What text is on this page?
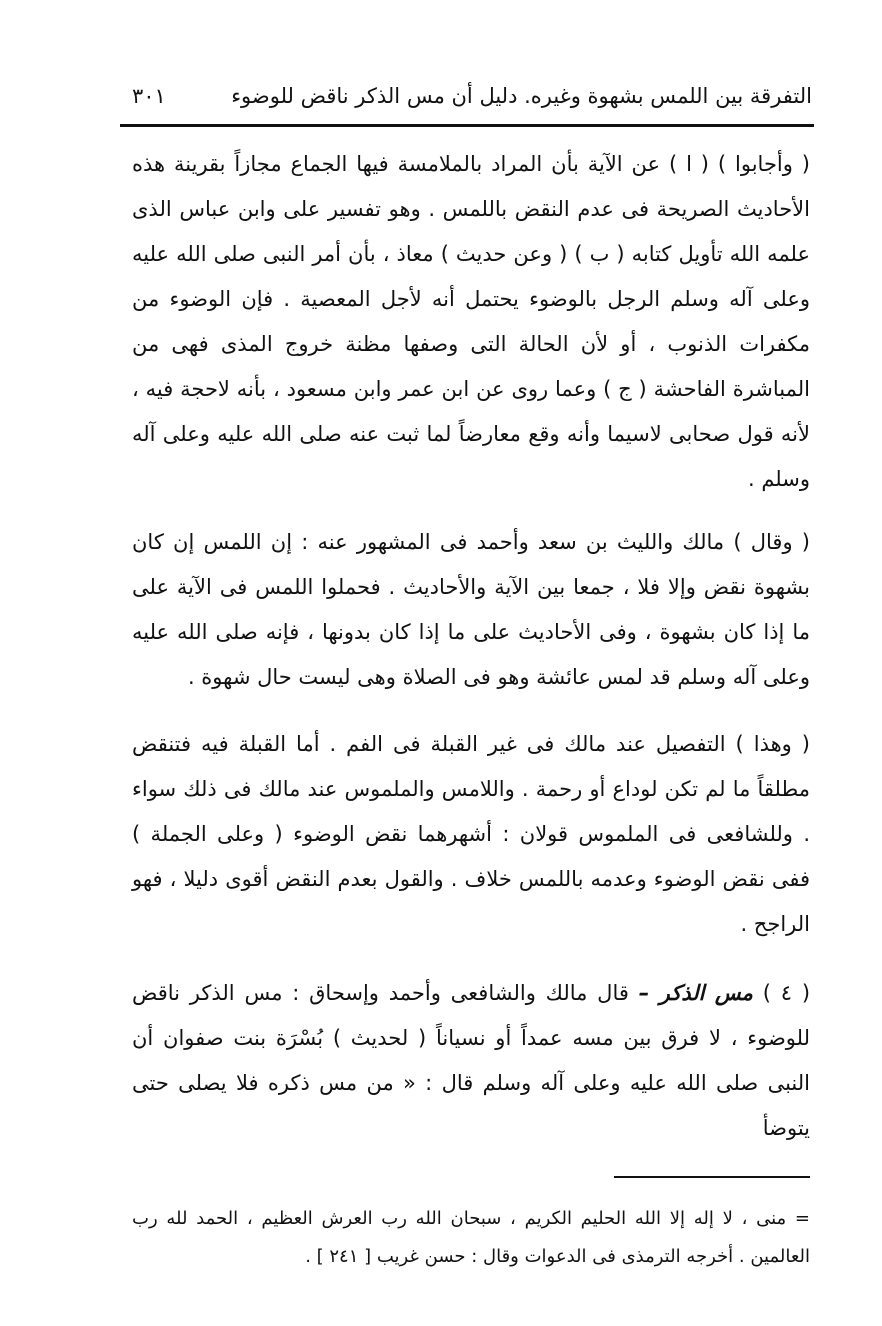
التفرقة بين اللمس بشهوة وغيره. دليل أن مس الذكر ناقض للوضوء
٣٠١

( وأجابوا ) ( ا ) عن الآية بأن المراد بالملامسة فيها الجماع مجازاً بقرينة هذه الأحاديث الصريحة فى عدم النقض باللمس . وهو تفسير على وابن عباس الذى علمه الله تأويل كتابه ( ب ) ( وعن حديث ) معاذ ، بأن أمر النبى صلى الله عليه وعلى آله وسلم الرجل بالوضوء يحتمل أنه لأجل المعصية . فإن الوضوء من مكفرات الذنوب ، أو لأن الحالة التى وصفها مظنة خروج المذى فهى من المباشرة الفاحشة ( ج ) وعما روى عن ابن عمر وابن مسعود ، بأنه لاحجة فيه ، لأنه قول صحابى لاسيما وأنه وقع معارضاً لما ثبت عنه صلى الله عليه وعلى آله وسلم .

( وقال ) مالك والليث بن سعد وأحمد فى المشهور عنه : إن اللمس إن كان بشهوة نقض وإلا فلا ، جمعا بين الآية والأحاديث . فحملوا اللمس فى الآية على ما إذا كان بشهوة ، وفى الأحاديث على ما إذا كان بدونها ، فإنه صلى الله عليه وعلى آله وسلم قد لمس عائشة وهو فى الصلاة وهى ليست حال شهوة .

( وهذا ) التفصيل عند مالك فى غير القبلة فى الفم . أما القبلة فيه فتنقض مطلقاً ما لم تكن لوداع أو رحمة . واللامس والملموس عند مالك فى ذلك سواء . وللشافعى فى الملموس قولان : أشهرهما نقض الوضوء ( وعلى الجملة ) ففى نقض الوضوء وعدمه باللمس خلاف . والقول بعدم النقض أقوى دليلا ، فهو الراجح .

( ٤ ) مس الذكر – قال مالك والشافعى وأحمد وإسحاق : مس الذكر ناقض للوضوء ، لا فرق بين مسه عمداً أو نسياناً ( لحديث ) بُسْرَة بنت صفوان أن النبى صلى الله عليه وعلى آله وسلم قال : « من مس ذكره فلا يصلى حتى يتوضأ

= منى ، لا إله إلا الله الحليم الكريم ، سبحان الله رب العرش العظيم ، الحمد لله رب العالمين . أخرجه الترمذى فى الدعوات وقال : حسن غريب [ ٢٤١ ] .
